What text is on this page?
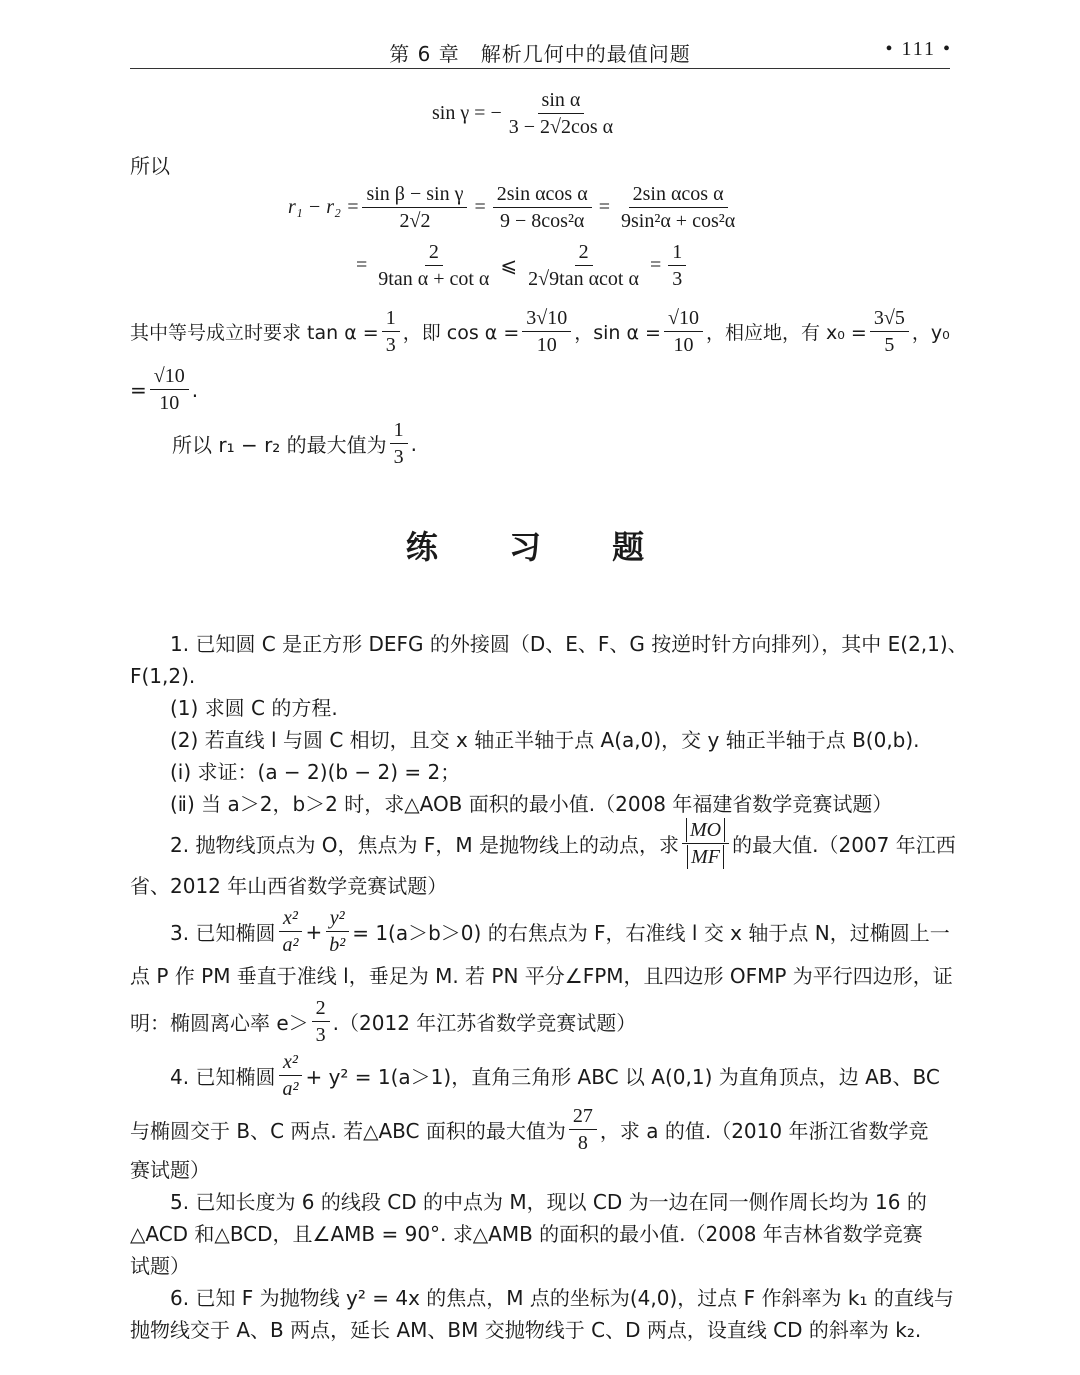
第 6 章　解析几何中的最值问题	• 111 •
sin γ = − $\frac{\text{sin α}}{\text{3 − 2√2cos α}}$
所以
$r_1 - r_2 = \frac{\text{sin β − sin γ}}{2√2} = \frac{\text{2sin αcos α}}{\text{9 − 8cos²α}} = \frac{\text{2sin αcos α}}{\text{9sin²α + cos²α}}$
= $\frac{2}{\text{9tan α + cot α}}$ ⩽ $\frac{2}{\text{2√9tan αcot α}} = \frac{1}{3}$
其中等号成立时要求 $\tan \alpha = \frac{1}{3}$ ，即 $\cos \alpha = \frac{3√10}{10}$ ，$\sin \alpha = \frac{√10}{10}$ ，相应地，有 $x_0 = \frac{3√5}{5}$ ，y₀
= $\frac{√10}{10}$ .
所以 r₁ − r₂ 的最大值为 $\frac{1}{3}$ .
练 习 题
1. 已知圆 C 是正方形 DEFG 的外接圆（D、E、F、G 按逆时针方向排列），其中 E(2,1)、
F(1,2).
(1) 求圆 C 的方程.
(2) 若直线 l 与圆 C 相切，且交 x 轴正半轴于点 A(a,0)，交 y 轴正半轴于点 B(0,b).
(ⅰ) 求证：(a − 2)(b − 2) = 2；
(ⅱ) 当 a＞2，b＞2 时，求△AOB 面积的最小值.（2008 年福建省数学竞赛试题）
2. 抛物线顶点为 O，焦点为 F，M 是抛物线上的动点，求 $\frac{MO}{MF}$ 的最大值.（2007 年江西
省、2012 年山西省数学竞赛试题）
3. 已知椭圆 $\frac{\text{x²}}{\text{a²}} + \frac{\text{y²}}{\text{b²}} = 1(a>b>0)$ 的右焦点为 F，右准线 l 交 x 轴于点 N，过椭圆上一
点 P 作 PM 垂直于准线 l，垂足为 M. 若 PN 平分∠FPM，且四边形 OFMP 为平行四边形，证
明：椭圆离心率 $e> \frac{2}{3} .(2012$ 年江苏省数学竞赛试题）
4. 已知椭圆 $\frac{\text{x²}}{\text{a²}} + y^2 = 1(a>1)$，直角三角形 ABC 以 A(0,1) 为直角顶点，边 AB、BC
与椭圆交于 B、C 两点. 若△ABC 面积的最大值为 $\frac{27}{8}$ ，求 a 的值.（2010 年浙江省数学竞
赛试题）
5. 已知长度为 6 的线段 CD 的中点为 M，现以 CD 为一边在同一侧作周长均为 16 的
△ACD 和△BCD，且∠AMB = 90°. 求△AMB 的面积的最小值.（2008 年吉林省数学竞赛
试题）
6. 已知 F 为抛物线 y² = 4x 的焦点，M 点的坐标为(4,0)，过点 F 作斜率为 k₁ 的直线与
抛物线交于 A、B 两点，延长 AM、BM 交抛物线于 C、D 两点，设直线 CD 的斜率为 k₂.
